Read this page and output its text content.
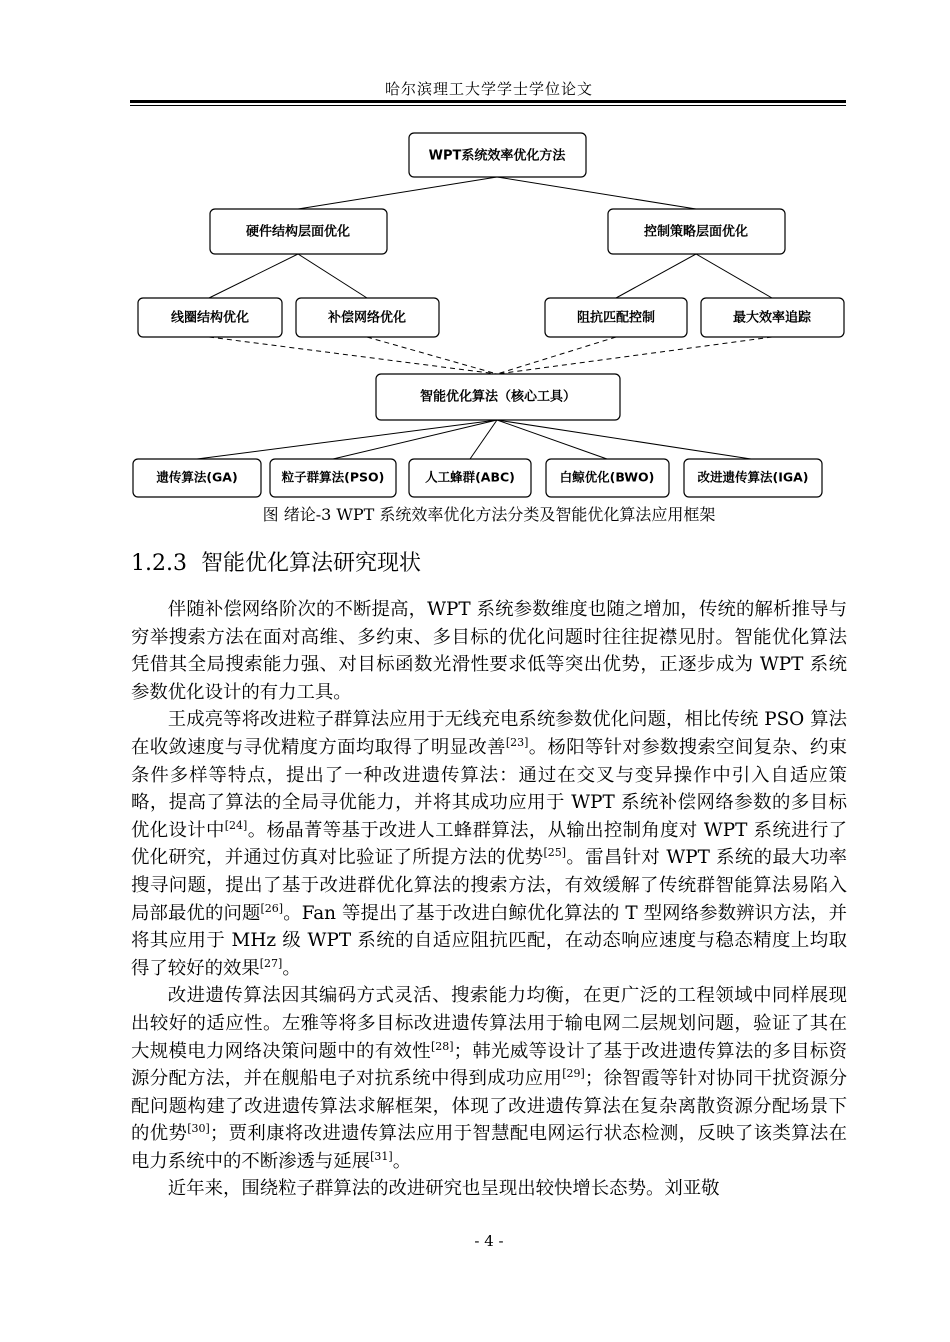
哈尔滨理工大学学士学位论文
WPT系统效率优化方法
硬件结构层面优化	控制策略层面优化
线圈结构优化	补偿网络优化	阻抗匹配控制	最大效率追踪
智能优化算法（核心工具）
遗传算法(GA)	粒子群算法(PSO)	人工蜂群(ABC)	白鲸优化(BWO)	改进遗传算法(IGA)
图 绪论-3 WPT 系统效率优化方法分类及智能优化算法应用框架
1.2.3 智能优化算法研究现状

伴随补偿网络阶次的不断提高，WPT 系统参数维度也随之增加，传统的解析推导与穷举搜索方法在面对高维、多约束、多目标的优化问题时往往捉襟见肘。智能优化算法凭借其全局搜索能力强、对目标函数光滑性要求低等突出优势，正逐步成为 WPT 系统参数优化设计的有力工具。

王成亮等将改进粒子群算法应用于无线充电系统参数优化问题，相比传统 PSO 算法在收敛速度与寻优精度方面均取得了明显改善[23]。杨阳等针对参数搜索空间复杂、约束条件多样等特点，提出了一种改进遗传算法：通过在交叉与变异操作中引入自适应策略，提高了算法的全局寻优能力，并将其成功应用于 WPT 系统补偿网络参数的多目标优化设计中[24]。杨晶菁等基于改进人工蜂群算法，从输出控制角度对 WPT 系统进行了优化研究，并通过仿真对比验证了所提方法的优势[25]。雷昌针对 WPT 系统的最大功率搜寻问题，提出了基于改进群优化算法的搜索方法，有效缓解了传统群智能算法易陷入局部最优的问题[26]。Fan 等提出了基于改进白鲸优化算法的 T 型网络参数辨识方法，并将其应用于 MHz 级 WPT 系统的自适应阻抗匹配，在动态响应速度与稳态精度上均取得了较好的效果[27]。

改进遗传算法因其编码方式灵活、搜索能力均衡，在更广泛的工程领域中同样展现出较好的适应性。左雅等将多目标改进遗传算法用于输电网二层规划问题，验证了其在大规模电力网络决策问题中的有效性[28]；韩光威等设计了基于改进遗传算法的多目标资源分配方法，并在舰船电子对抗系统中得到成功应用[29]；徐智霞等针对协同干扰资源分配问题构建了改进遗传算法求解框架，体现了改进遗传算法在复杂离散资源分配场景下的优势[30]；贾利康将改进遗传算法应用于智慧配电网运行状态检测，反映了该类算法在电力系统中的不断渗透与延展[31]。

近年来，围绕粒子群算法的改进研究也呈现出较快增长态势。刘亚敬

- 4 -
